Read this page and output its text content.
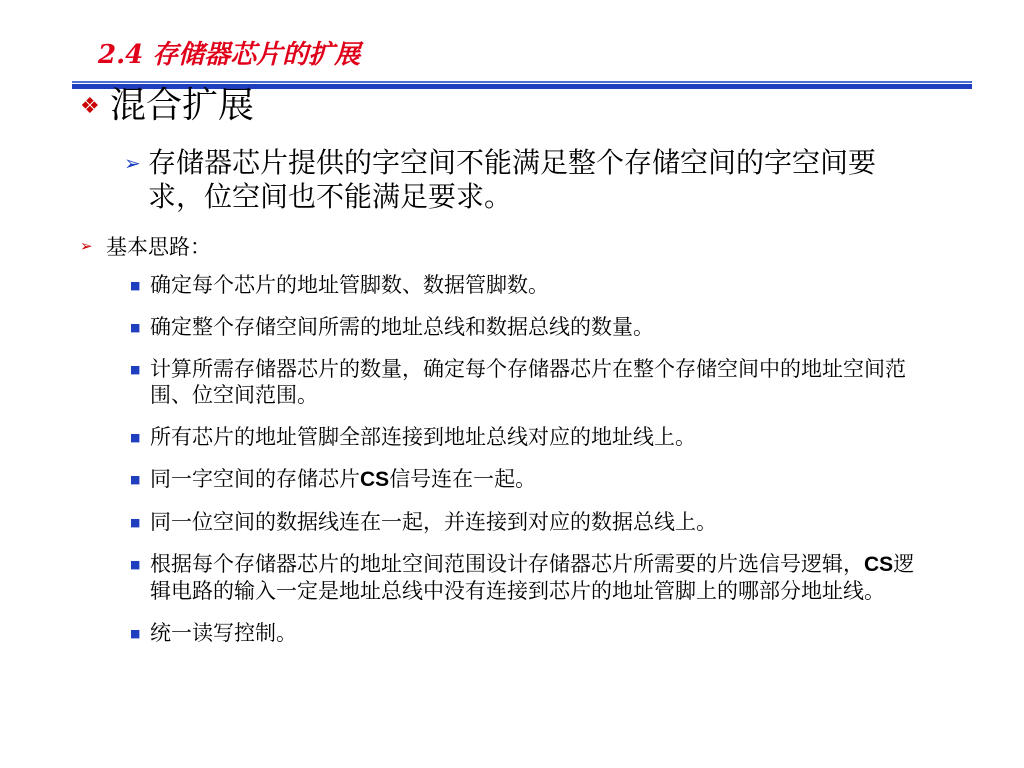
2.4 存储器芯片的扩展
❖ 混合扩展
➢ 存储器芯片提供的字空间不能满足整个存储空间的字空间要求，位空间也不能满足要求。
➢ 基本思路：
■ 确定每个芯片的地址管脚数、数据管脚数。
■ 确定整个存储空间所需的地址总线和数据总线的数量。
■ 计算所需存储器芯片的数量，确定每个存储器芯片在整个存储空间中的地址空间范围、位空间范围。
■ 所有芯片的地址管脚全部连接到地址总线对应的地址线上。
■ 同一字空间的存储芯片CS信号连在一起。
■ 同一位空间的数据线连在一起，并连接到对应的数据总线上。
■ 根据每个存储器芯片的地址空间范围设计存储器芯片所需要的片选信号逻辑，CS逻辑电路的输入一定是地址总线中没有连接到芯片的地址管脚上的哪部分地址线。
■ 统一读写控制。
